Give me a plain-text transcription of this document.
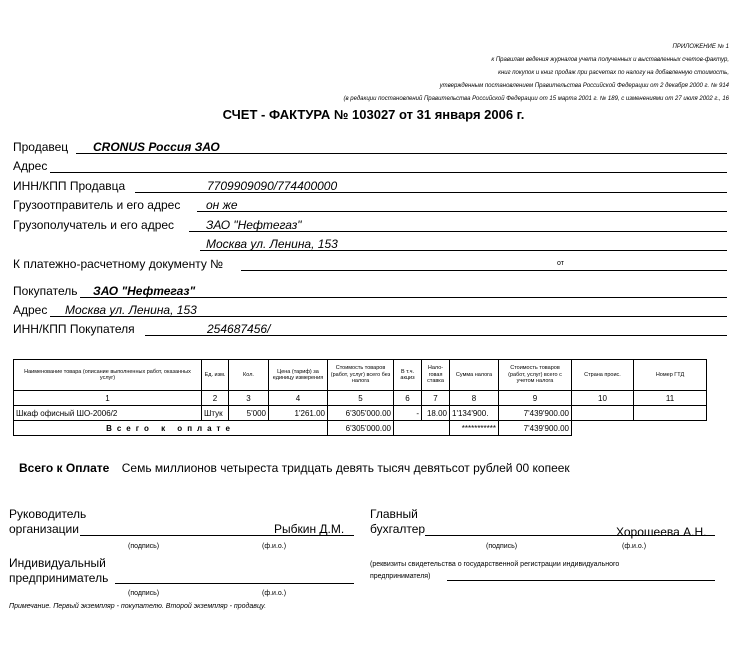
ПРИЛОЖЕНИЕ № 1
к Правилам ведения журналов учета полученных и выставленных счетов-фактур,
книг покупок и книг продаж при расчетах по налогу на добавленную стоимость,
утвержденным постановлением Правительства Российской Федерации от 2 декабря 2000 г. № 914
(в редакции постановлений Правительства Российской Федерации от 15 марта 2001 г. № 189, с изменениями от 27 июля 2002 г., 16
СЧЕТ - ФАКТУРА № 103027 от 31 января 2006 г.
Продавец CRONUS Россия ЗАО
Адрес
ИНН/КПП Продавца	7709909090/774400000
Грузоотправитель и его адрес он же
Грузополучатель и его адрес	ЗАО "Нефтегаз"
Москва ул. Ленина, 153
К платежно-расчетному документу №	от
Покупатель ЗАО "Нефтегаз"
Адрес Москва ул. Ленина, 153
ИНН/КПП Покупателя	254687456/
Наименование товара (описание выполненных работ, оказанных услуг)	Ед. изм.	Кол.	Цена (тариф) за единицу измерения	Стоимость товаров (работ, услуг) всего без налога	В т.ч. акциз	Нало-говая ставка	Сумма налога	Стоимость товаров (работ, услуг) всего с учетом налога	Страна проис.	Номер ГТД
1	2	3	4	5	6	7	8	9	10	11
Шкаф офисный ШО-2006/2	Штук	5'000	1'261.00	6'305'000.00	-	18.00	1'134'900.	7'439'900.00		
Всего к оплате				6'305'000.00			***********	7'439'900.00		
Всего к Оплате Семь миллионов четыреста тридцать девять тысяч девятьсот рублей 00 копеек
Руководитель
организации	Рыбкин Д.М.
(подпись)	(ф.и.о.)
Главный
бухгалтер	Хорошеева А.Н.
(подпись)	(ф.и.о.)
Индивидуальный
предприниматель
(подпись)	(ф.и.о.)
(реквизиты свидетельства о государственной регистрации индивидуального
предпринимателя)
Примечание. Первый экземпляр - покупателю. Второй экземпляр - продавцу.
